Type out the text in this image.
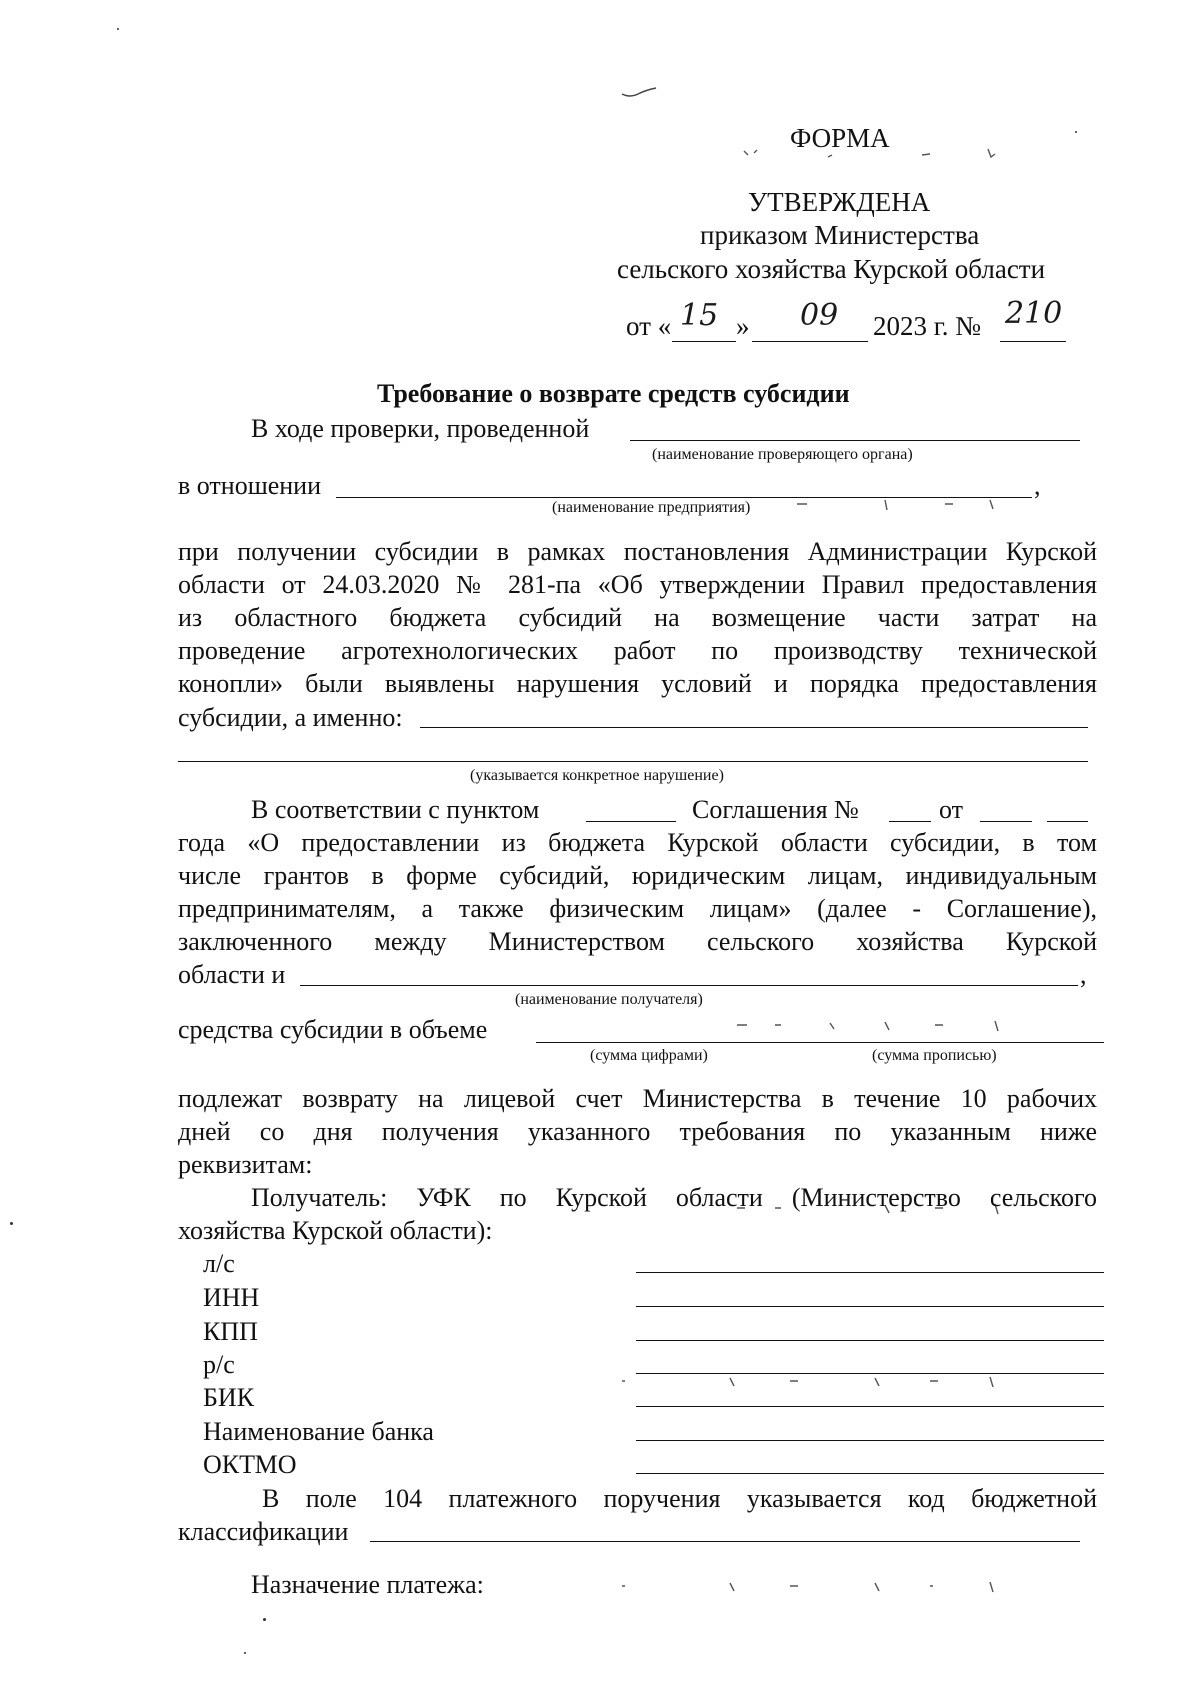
ФОРМА
УТВЕРЖДЕНА
приказом Министерства
сельского хозяйства Курской области
от « 15 » 09 2023 г. № 210
Требование о возврате средств субсидии
В ходе проверки, проведенной
(наименование проверяющего органа)
в отношении	,
(наименование предприятия)
при получении субсидии в рамках постановления Администрации Курской
области от 24.03.2020 № 281-па «Об утверждении Правил предоставления
из областного бюджета субсидий на возмещение части затрат на
проведение агротехнологических работ по производству технической
конопли» были выявлены нарушения условий и порядка предоставления
субсидии, а именно:
(указывается конкретное нарушение)
В соответствии с пунктом	Соглашения №	от
года «О предоставлении из бюджета Курской области субсидии, в том
числе грантов в форме субсидий, юридическим лицам, индивидуальным
предпринимателям, а также физическим лицам» (далее - Соглашение),
заключенного между Министерством сельского хозяйства Курской
области и	,
(наименование получателя)
средства субсидии в объеме
(сумма цифрами)	(сумма прописью)
подлежат возврату на лицевой счет Министерства в течение 10 рабочих
дней со дня получения указанного требования по указанным ниже
реквизитам:
Получатель: УФК по Курской области (Министерство сельского
хозяйства Курской области):
л/с
ИНН
КПП
р/с
БИК
Наименование банка
ОКТМО
В поле 104 платежного поручения указывается код бюджетной
классификации
Назначение платежа:
